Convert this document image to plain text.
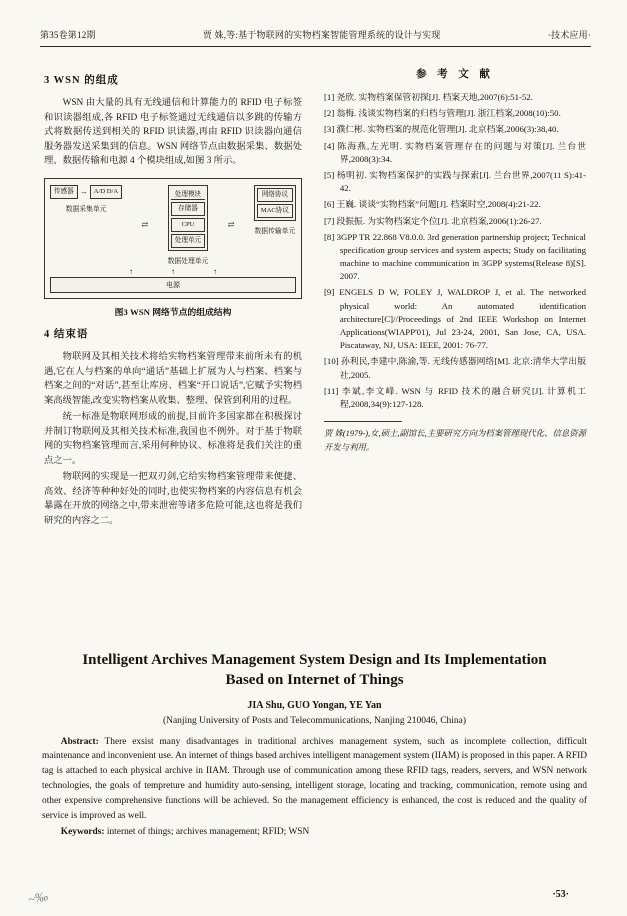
第35卷第12期	贾 姝,等:基于物联网的实物档案智能管理系统的设计与实现	·技术应用·
3 WSN 的组成

WSN 由大量的具有无线通信和计算能力的 RFID 电子标签和识读器组成,各 RFID 电子标签通过无线通信以多跳的传输方式将数据传送到相关的 RFID 识读器,再由 RFID 识读器向通信服务器发送采集到的信息。WSN 网络节点由数据采集、数据处理、数据传输和电源 4 个模块组成,如图 3 所示。

传感器 → A/D D/A
数据采集单元
⇄
处理模块
存储器
CPU
处理单元
数据处理单元
⇄
网络协议
MAC协议
数据传输单元
↑↑↑
电源
图3 WSN 网络节点的组成结构
4 结束语

物联网及其相关技术将给实物档案管理带来前所未有的机遇,它在人与档案的单向“通话”基础上扩展为人与档案、档案与档案之间的“对话”,甚至让库房、档案“开口说话”,它赋予实物档案高级智能,改变实物档案从收集、整理、保管到利用的过程。

统一标准是物联网形成的前提,目前许多国家都在积极探讨并制订物联网及其相关技术标准,我国也不例外。对于基于物联网的实物档案管理而言,采用何种协议、标准将是我们关注的重点之一。

物联网的实现是一把双刃剑,它给实物档案管理带来便捷、高效、经济等种种好处的同时,也使实物档案的内容信息有机会暴露在开放的网络之中,带来泄密等诸多危险可能,这也将是我们研究的内容之二。

参 考 文 献

[1] 尧欣. 实物档案保管初探[J]. 档案天地,2007(6):51-52.

[2] 翁梅. 浅谈实物档案的归档与管理[J]. 浙江档案,2008(10):50.

[3] 濮仁彬. 实物档案的规范化管理[J]. 北京档案,2006(3):38,40.

[4] 陈海燕,左光明. 实物档案管理存在的问题与对策[J]. 兰台世界,2008(3):34.

[5] 杨明初. 实物档案保护的实践与探索[J]. 兰台世界,2007(11 S):41-42.

[6] 王巍. 谈谈“实物档案”问题[J]. 档案时空,2008(4):21-22.

[7] 段振振. 为实物档案定个位[J]. 北京档案,2006(1):26-27.

[8] 3GPP TR 22.868 V8.0.0. 3rd generation partnership project; Technical specification group services and system aspects; Study on facilitating machine to machine communication in 3GPP systems(Release 8)[S]. 2007.

[9] ENGELS D W, FOLEY J, WALDROP J, et al. The networked physical world: An automated identification architecture[C]//Proceedings of 2nd IEEE Workshop on Internet Applications(WIAPP'01), Jul 23-24, 2001, San Jose, CA, USA. Piscataway, NJ, USA: IEEE, 2001: 76-77.

[10] 孙利民,李建中,陈渝,等. 无线传感器网络[M]. 北京:清华大学出版社,2005.

[11] 李斌,李文峰. WSN 与 RFID 技术的融合研究[J]. 计算机工程,2008,34(9):127-128.

贾 姝(1979-),女,硕士,副馆长,主要研究方向为档案管理现代化、信息资源开发与利用。

Intelligent Archives Management System Design and Its Implementation
Based on Internet of Things
JIA Shu, GUO Yongan, YE Yan
(Nanjing University of Posts and Telecommunications, Nanjing 210046, China)

Abstract: There exsist many disadvantages in traditional archives management system, such as incomplete collection, difficult maintenance and inconvenient use. An internet of things based archives intelligent management system (IIAM) is proposed in this paper. A RFID tag is attached to each physical archive in IIAM. Through use of communication among these RFID tags, readers, servers, and WSN network technologies, the goals of tempreture and humidity auto-sensing, intelligent storage, locating and tracking, communication, remote using and other expensive comprehensive functions will be achieved. So the management efficiency is enhanced, the cost is reduced and the quality of service is improved as well.

Keywords: internet of things; archives management; RFID; WSN

·53·
~‰
